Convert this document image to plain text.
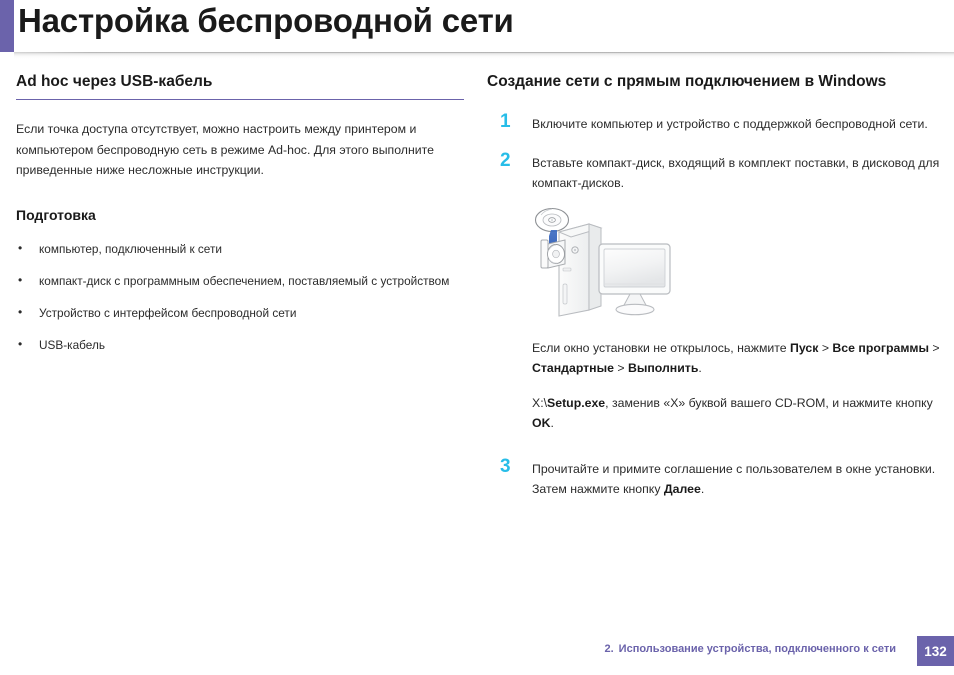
Настройка беспроводной сети
Ad hoc через USB-кабель

Если точка доступа отсутствует, можно настроить между принтером и компьютером беспроводную сеть в режиме Ad-hoc. Для этого выполните приведенные ниже несложные инструкции.

Подготовка
• компьютер, подключенный к сети
• компакт-диск с программным обеспечением, поставляемый с устройством
• Устройство с интерфейсом беспроводной сети
• USB-кабель
Создание сети с прямым подключением в Windows
1 Включите компьютер и устройство с поддержкой беспроводной сети.
2 Вставьте компакт-диск, входящий в комплект поставки, в дисковод для компакт-дисков.
Если окно установки не открылось, нажмите Пуск > Все программы > Стандартные > Выполнить.
X:\Setup.exe, заменив «X» буквой вашего CD-ROM, и нажмите кнопку OK.
3 Прочитайте и примите соглашение с пользователем в окне установки. Затем нажмите кнопку Далее.
2. Использование устройства, подключенного к сети	132
